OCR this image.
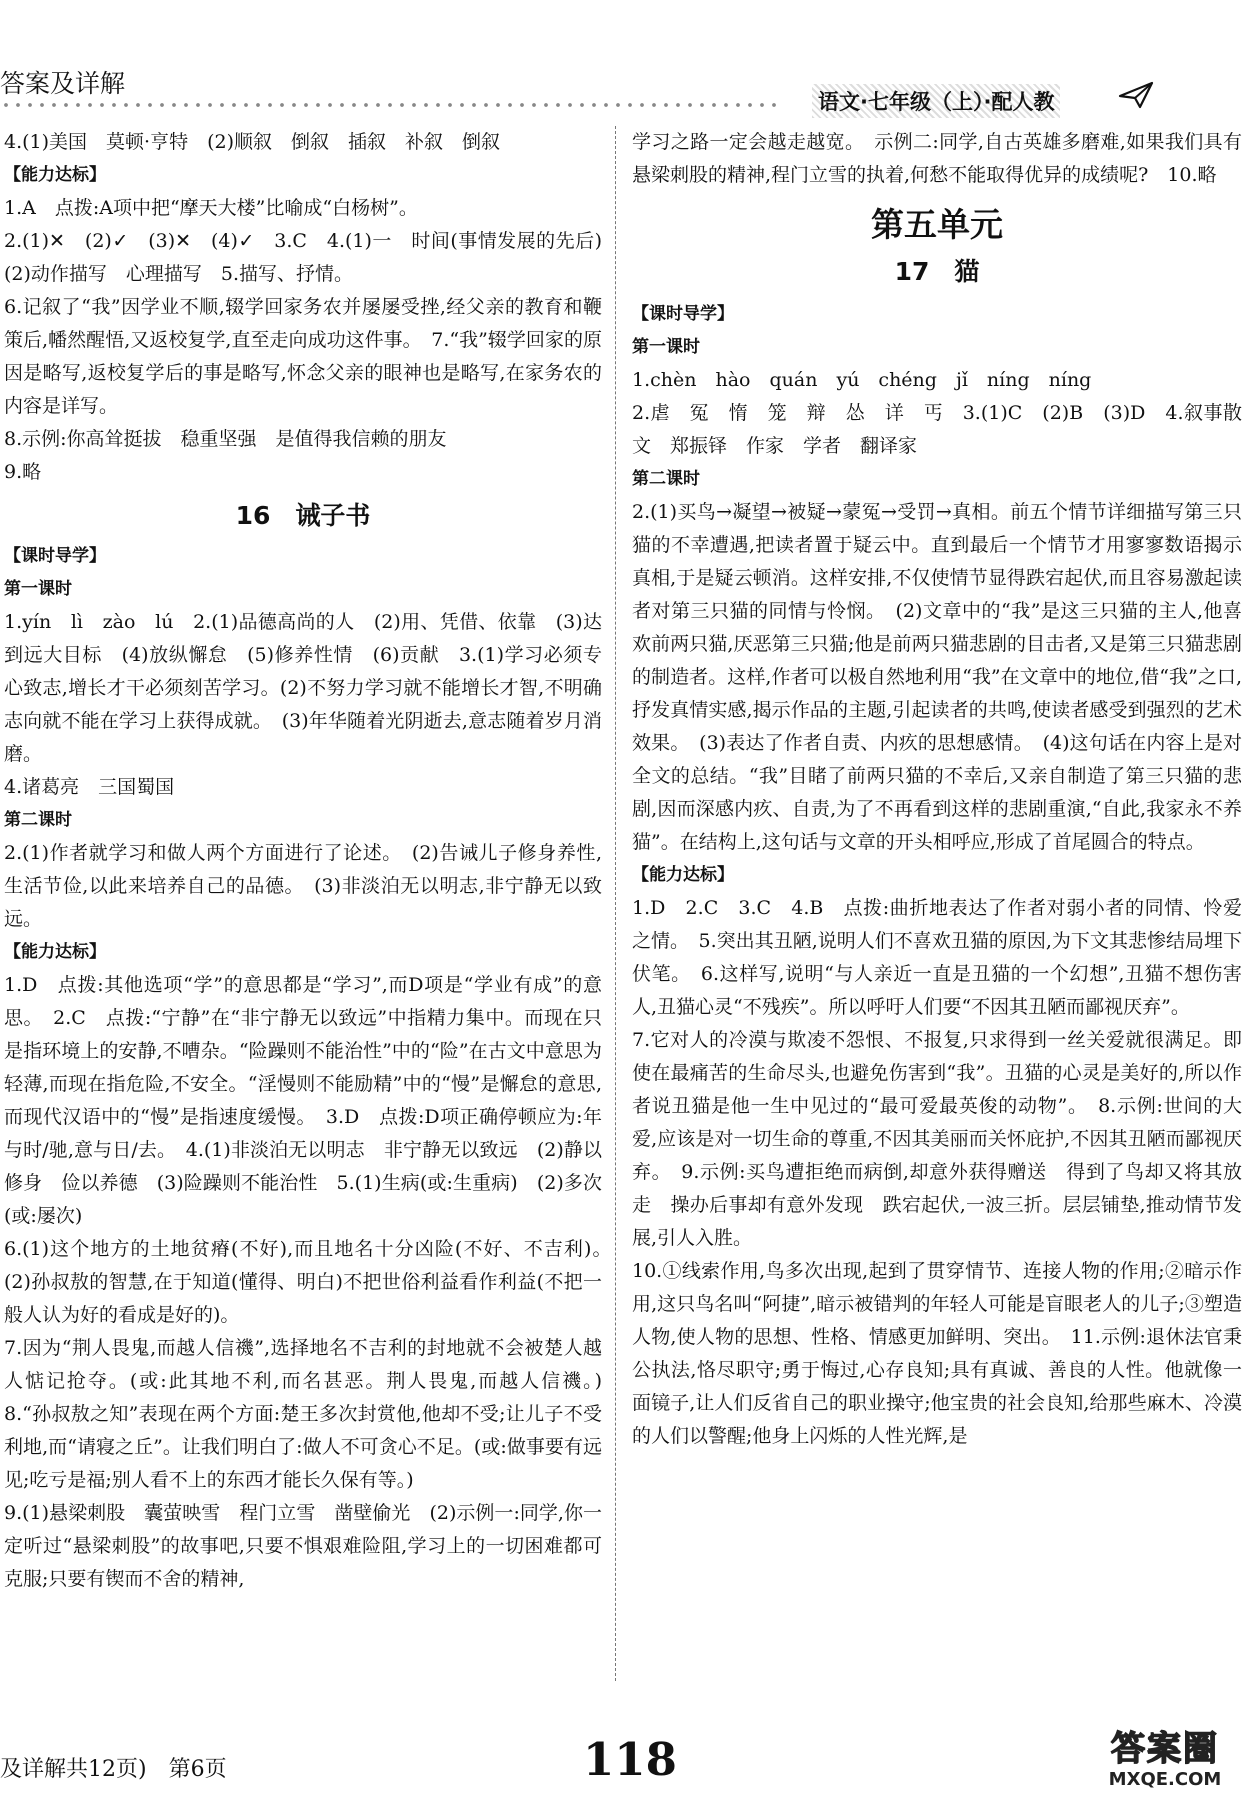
答案及详解
语文·七年级（上）·配人教

4.(1)美国　莫顿·亨特　(2)顺叙　倒叙　插叙　补叙　倒叙

【能力达标】

1.A　点拨:A项中把“摩天大楼”比喻成“白杨树”。

2.(1)✕　(2)✓　(3)✕　(4)✓　3.C　4.(1)一　时间(事情发展的先后)　(2)动作描写　心理描写　5.描写、抒情。

6.记叙了“我”因学业不顺,辍学回家务农并屡屡受挫,经父亲的教育和鞭策后,幡然醒悟,又返校复学,直至走向成功这件事。　7.“我”辍学回家的原因是略写,返校复学后的事是略写,怀念父亲的眼神也是略写,在家务农的内容是详写。

8.示例:你高耸挺拔　稳重坚强　是值得我信赖的朋友

9.略

16　诫子书

【课时导学】

第一课时

1.yín　lì　zào　lú　2.(1)品德高尚的人　(2)用、凭借、依靠　(3)达到远大目标　(4)放纵懈怠　(5)修养性情　(6)贡献　3.(1)学习必须专心致志,增长才干必须刻苦学习。(2)不努力学习就不能增长才智,不明确志向就不能在学习上获得成就。　(3)年华随着光阴逝去,意志随着岁月消磨。

4.诸葛亮　三国蜀国

第二课时

2.(1)作者就学习和做人两个方面进行了论述。　(2)告诫儿子修身养性,生活节俭,以此来培养自己的品德。　(3)非淡泊无以明志,非宁静无以致远。

【能力达标】

1.D　点拨:其他选项“学”的意思都是“学习”,而D项是“学业有成”的意思。　2.C　点拨:“宁静”在“非宁静无以致远”中指精力集中。而现在只是指环境上的安静,不嘈杂。“险躁则不能治性”中的“险”在古文中意思为轻薄,而现在指危险,不安全。“淫慢则不能励精”中的“慢”是懈怠的意思,而现代汉语中的“慢”是指速度缓慢。　3.D　点拨:D项正确停顿应为:年与时/驰,意与日/去。　4.(1)非淡泊无以明志　非宁静无以致远　(2)静以修身　俭以养德　(3)险躁则不能治性　5.(1)生病(或:生重病)　(2)多次(或:屡次)

6.(1)这个地方的土地贫瘠(不好),而且地名十分凶险(不好、不吉利)。　(2)孙叔敖的智慧,在于知道(懂得、明白)不把世俗利益看作利益(不把一般人认为好的看成是好的)。

7.因为“荆人畏鬼,而越人信禨”,选择地名不吉利的封地就不会被楚人越人惦记抢夺。(或:此其地不利,而名甚恶。荆人畏鬼,而越人信禨。)　8.“孙叔敖之知”表现在两个方面:楚王多次封赏他,他却不受;让儿子不受利地,而“请寝之丘”。让我们明白了:做人不可贪心不足。(或:做事要有远见;吃亏是福;别人看不上的东西才能长久保有等。)

9.(1)悬梁刺股　囊萤映雪　程门立雪　凿壁偷光　(2)示例一:同学,你一定听过“悬梁刺股”的故事吧,只要不惧艰难险阻,学习上的一切困难都可克服;只要有锲而不舍的精神,

学习之路一定会越走越宽。　示例二:同学,自古英雄多磨难,如果我们具有悬梁刺股的精神,程门立雪的执着,何愁不能取得优异的成绩呢?　10.略

第五单元
17　猫

【课时导学】

第一课时

1.chèn　hào　quán　yú　chéng　jǐ　níng　níng

2.虐　冤　惰　笼　辩　怂　详　丐　3.(1)C　(2)B　(3)D　4.叙事散文　郑振铎　作家　学者　翻译家

第二课时

2.(1)买鸟→凝望→被疑→蒙冤→受罚→真相。前五个情节详细描写第三只猫的不幸遭遇,把读者置于疑云中。直到最后一个情节才用寥寥数语揭示真相,于是疑云顿消。这样安排,不仅使情节显得跌宕起伏,而且容易激起读者对第三只猫的同情与怜悯。　(2)文章中的“我”是这三只猫的主人,他喜欢前两只猫,厌恶第三只猫;他是前两只猫悲剧的目击者,又是第三只猫悲剧的制造者。这样,作者可以极自然地利用“我”在文章中的地位,借“我”之口,抒发真情实感,揭示作品的主题,引起读者的共鸣,使读者感受到强烈的艺术效果。　(3)表达了作者自责、内疚的思想感情。　(4)这句话在内容上是对全文的总结。“我”目睹了前两只猫的不幸后,又亲自制造了第三只猫的悲剧,因而深感内疚、自责,为了不再看到这样的悲剧重演,“自此,我家永不养猫”。在结构上,这句话与文章的开头相呼应,形成了首尾圆合的特点。

【能力达标】

1.D　2.C　3.C　4.B　点拨:曲折地表达了作者对弱小者的同情、怜爱之情。　5.突出其丑陋,说明人们不喜欢丑猫的原因,为下文其悲惨结局埋下伏笔。　6.这样写,说明“与人亲近一直是丑猫的一个幻想”,丑猫不想伤害人,丑猫心灵“不残疾”。所以呼吁人们要“不因其丑陋而鄙视厌弃”。

7.它对人的冷漠与欺凌不怨恨、不报复,只求得到一丝关爱就很满足。即使在最痛苦的生命尽头,也避免伤害到“我”。丑猫的心灵是美好的,所以作者说丑猫是他一生中见过的“最可爱最英俊的动物”。　8.示例:世间的大爱,应该是对一切生命的尊重,不因其美丽而关怀庇护,不因其丑陋而鄙视厌弃。　9.示例:买鸟遭拒绝而病倒,却意外获得赠送　得到了鸟却又将其放走　操办后事却有意外发现　跌宕起伏,一波三折。层层铺垫,推动情节发展,引人入胜。

10.①线索作用,鸟多次出现,起到了贯穿情节、连接人物的作用;②暗示作用,这只鸟名叫“阿捷”,暗示被错判的年轻人可能是盲眼老人的儿子;③塑造人物,使人物的思想、性格、情感更加鲜明、突出。　11.示例:退休法官秉公执法,恪尽职守;勇于悔过,心存良知;具有真诚、善良的人性。他就像一面镜子,让人们反省自己的职业操守;他宝贵的社会良知,给那些麻木、冷漠的人们以警醒;他身上闪烁的人性光辉,是

及详解共12页)　第6页	118	答案圈
MXQE.COM
